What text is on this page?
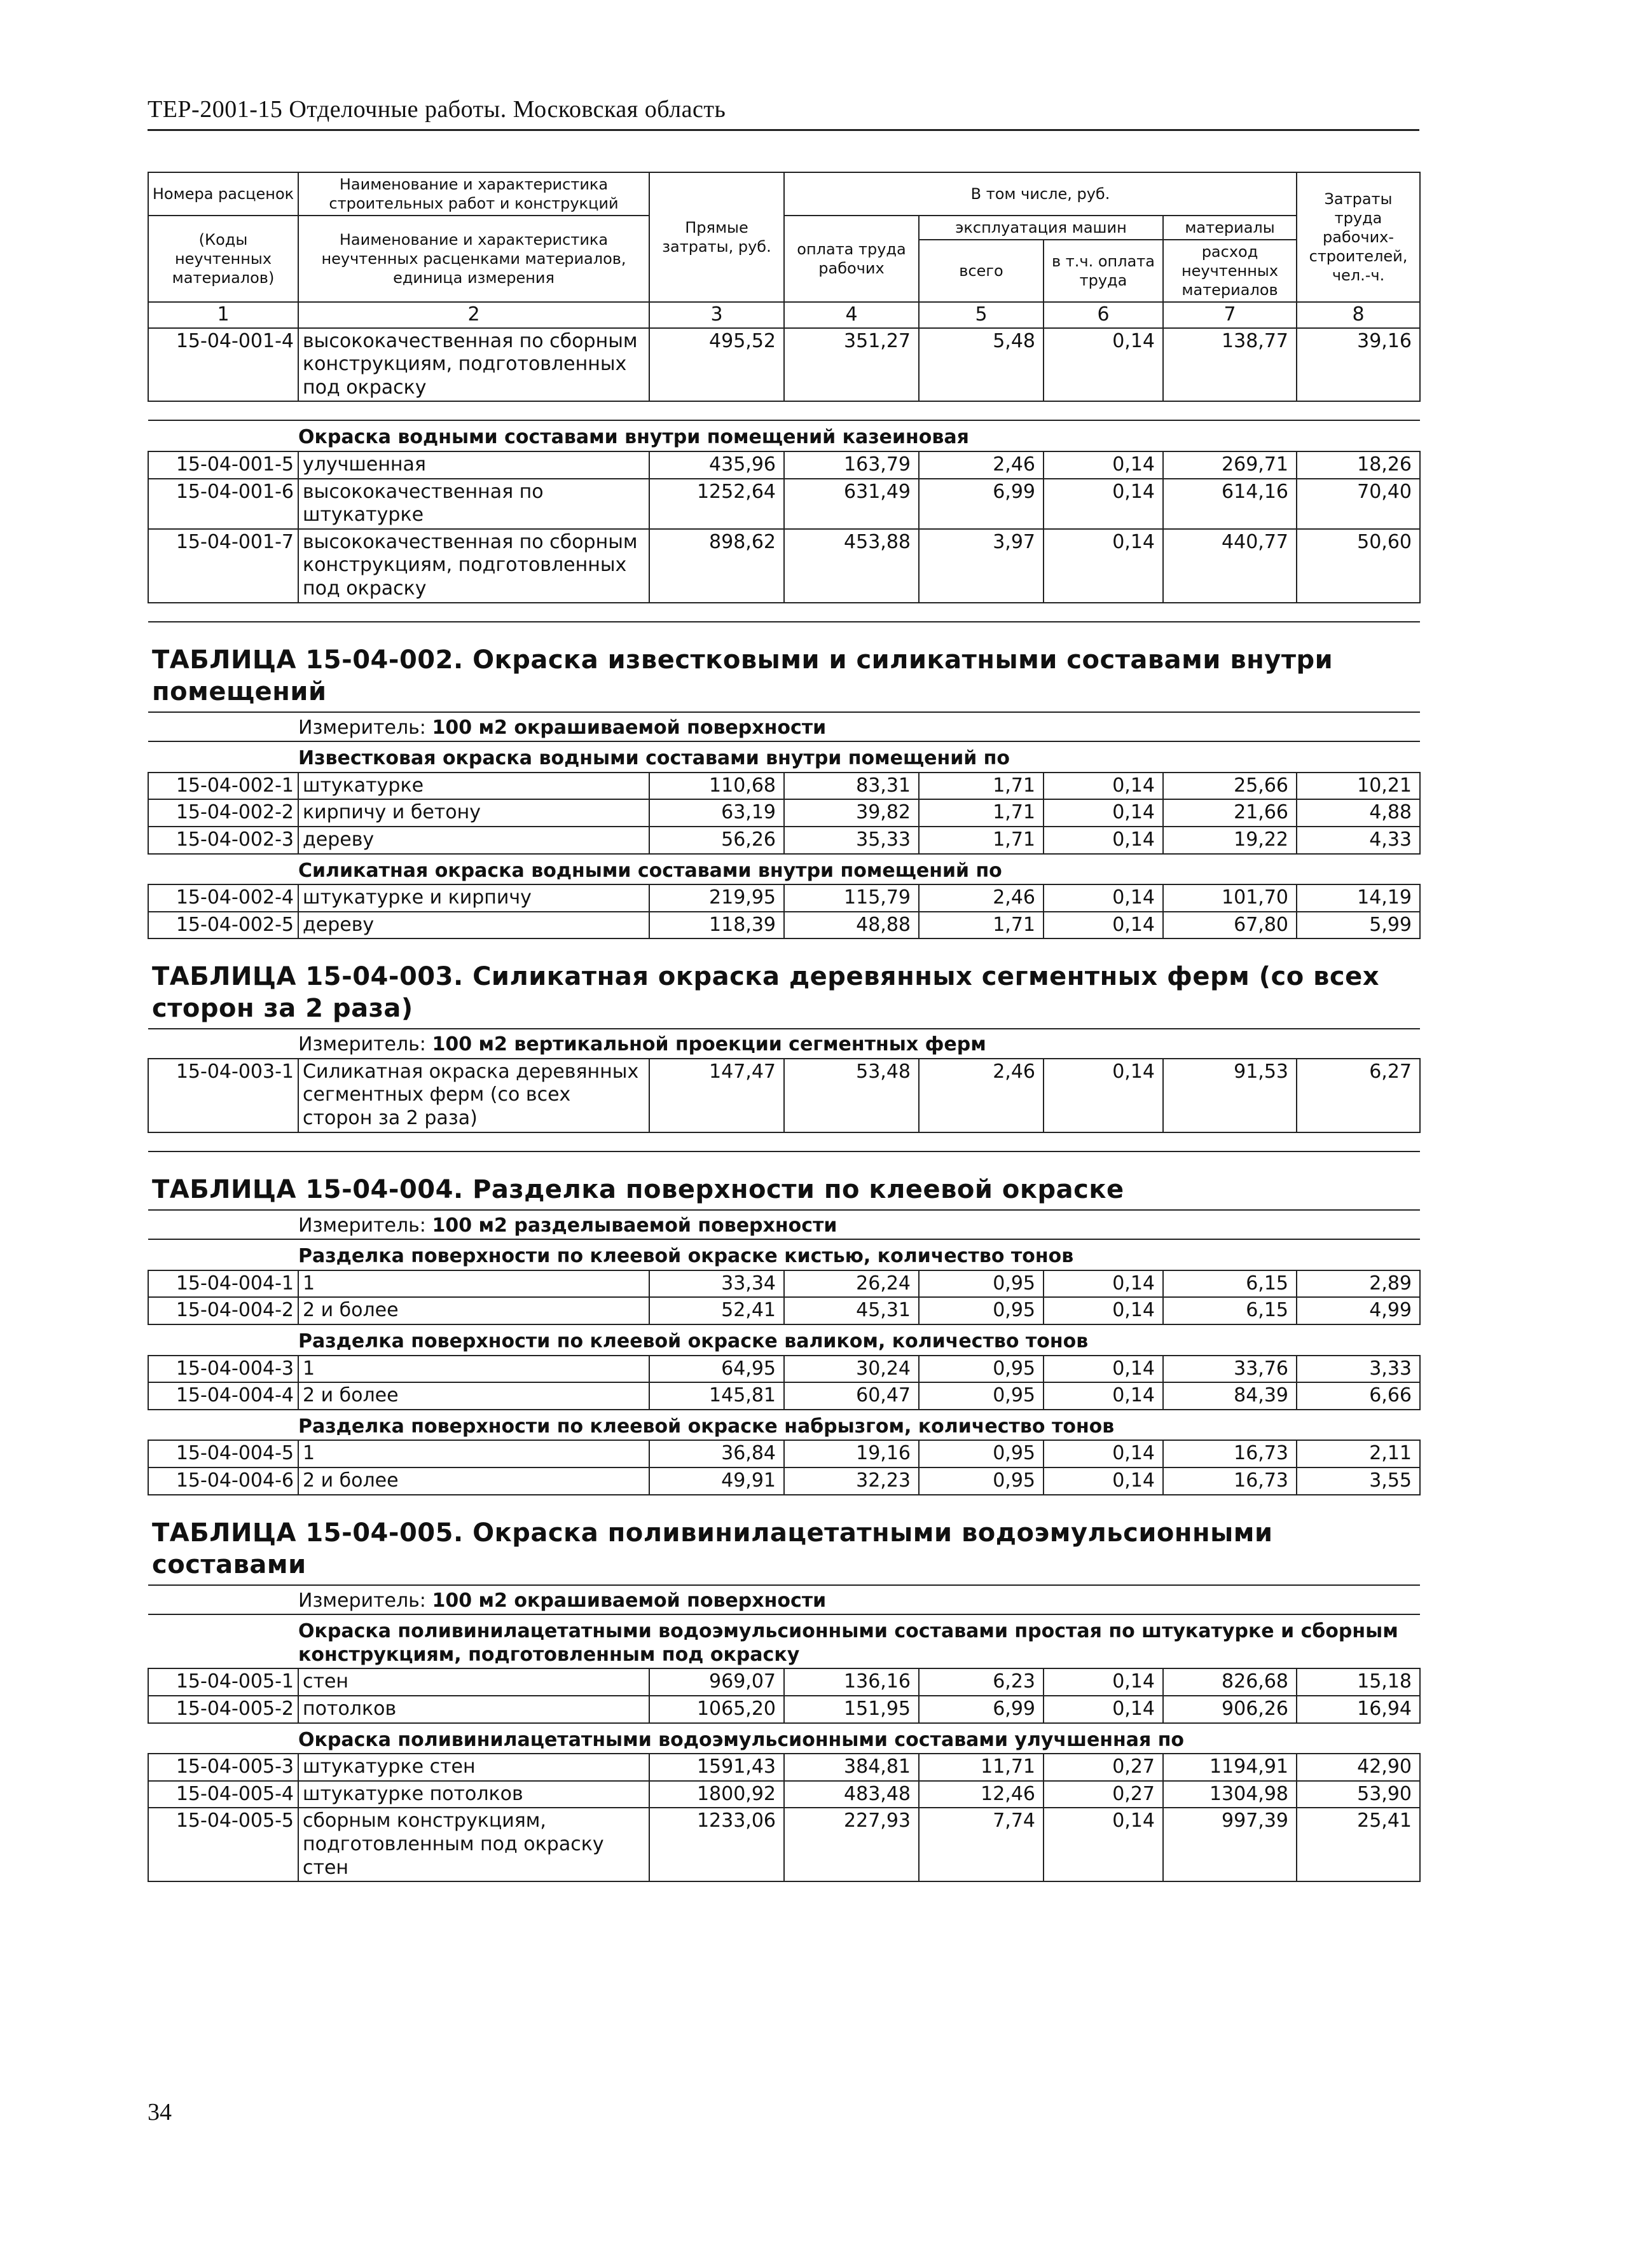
ТЕР-2001-15 Отделочные работы. Московская область
Номера расценок	Наименование и характеристика строительных работ и конструкций	Прямые затраты, руб.	В том числе, руб.				Затраты труда рабочих-строителей, чел.-ч.
(Коды неучтенных материалов)	Наименование и характеристика неучтенных расценками материалов, единица измерения		оплата труда рабочих	эксплуатация машин		материалы	
				всего	в т.ч. оплата труда	расход неучтенных материалов	
1	2	3	4	5	6	7	8
15-04-001-4	высококачественная по сборным конструкциям, подготовленных под окраску	495,52	351,27	5,48	0,14	138,77	39,16

Окраска водными составами внутри помещений казеиновая							
15-04-001-5	улучшенная	435,96	163,79	2,46	0,14	269,71	18,26
15-04-001-6	высококачественная по штукатурке	1252,64	631,49	6,99	0,14	614,16	70,40
15-04-001-7	высококачественная по сборным конструкциям, подготовленных под окраску	898,62	453,88	3,97	0,14	440,77	50,60

ТАБЛИЦА 15-04-002. Окраска известковыми и силикатными составами внутри помещений							
Измеритель: 100 м2 окрашиваемой поверхности							
Известковая окраска водными составами внутри помещений по							
15-04-002-1	штукатурке	110,68	83,31	1,71	0,14	25,66	10,21
15-04-002-2	кирпичу и бетону	63,19	39,82	1,71	0,14	21,66	4,88
15-04-002-3	дереву	56,26	35,33	1,71	0,14	19,22	4,33
Силикатная окраска водными составами внутри помещений по							
15-04-002-4	штукатурке и кирпичу	219,95	115,79	2,46	0,14	101,70	14,19
15-04-002-5	дереву	118,39	48,88	1,71	0,14	67,80	5,99
ТАБЛИЦА 15-04-003. Силикатная окраска деревянных сегментных ферм (со всех сторон за 2 раза)							
Измеритель: 100 м2 вертикальной проекции сегментных ферм							
15-04-003-1	Силикатная окраска деревянных сегментных ферм (со всех сторон за 2 раза)	147,47	53,48	2,46	0,14	91,53	6,27

ТАБЛИЦА 15-04-004. Разделка поверхности по клеевой окраске							
Измеритель: 100 м2 разделываемой поверхности							
Разделка поверхности по клеевой окраске кистью, количество тонов							
15-04-004-1	1	33,34	26,24	0,95	0,14	6,15	2,89
15-04-004-2	2 и более	52,41	45,31	0,95	0,14	6,15	4,99
Разделка поверхности по клеевой окраске валиком, количество тонов							
15-04-004-3	1	64,95	30,24	0,95	0,14	33,76	3,33
15-04-004-4	2 и более	145,81	60,47	0,95	0,14	84,39	6,66
Разделка поверхности по клеевой окраске набрызгом, количество тонов							
15-04-004-5	1	36,84	19,16	0,95	0,14	16,73	2,11
15-04-004-6	2 и более	49,91	32,23	0,95	0,14	16,73	3,55
ТАБЛИЦА 15-04-005. Окраска поливинилацетатными водоэмульсионными составами							
Измеритель: 100 м2 окрашиваемой поверхности							
Окраска поливинилацетатными водоэмульсионными составами простая по штукатурке и сборным конструкциям, подготовленным под окраску							
15-04-005-1	стен	969,07	136,16	6,23	0,14	826,68	15,18
15-04-005-2	потолков	1065,20	151,95	6,99	0,14	906,26	16,94
Окраска поливинилацетатными водоэмульсионными составами улучшенная по							
15-04-005-3	штукатурке стен	1591,43	384,81	11,71	0,27	1194,91	42,90
15-04-005-4	штукатурке потолков	1800,92	483,48	12,46	0,27	1304,98	53,90
15-04-005-5	сборным конструкциям, подготовленным под окраску стен	1233,06	227,93	7,74	0,14	997,39	25,41
34
